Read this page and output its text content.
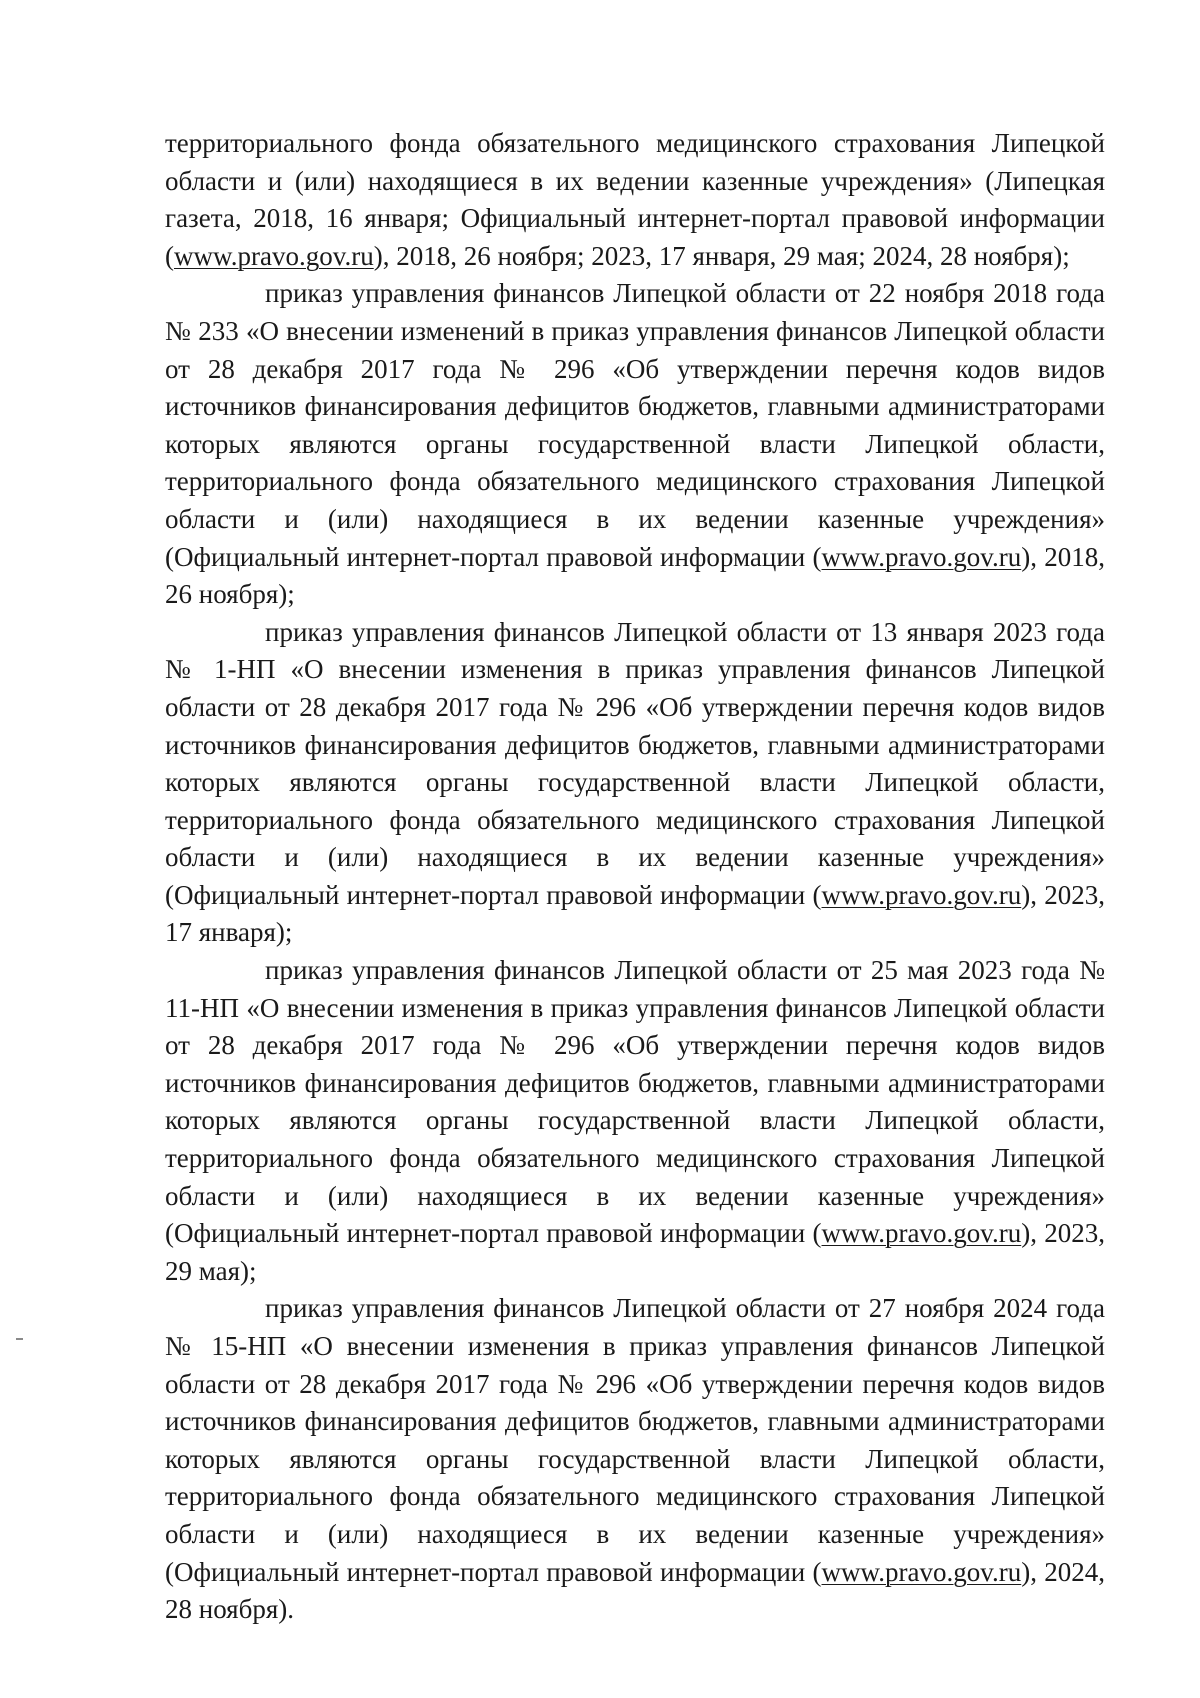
территориального фонда обязательного медицинского страхования Липецкой области и (или) находящиеся в их ведении казенные учреждения» (Липецкая газета, 2018, 16 января; Официальный интернет-портал правовой информации (www.pravo.gov.ru), 2018, 26 ноября; 2023, 17 января, 29 мая; 2024, 28 ноября);

приказ управления финансов Липецкой области от 22 ноября 2018 года № 233 «О внесении изменений в приказ управления финансов Липецкой области от 28 декабря 2017 года № 296 «Об утверждении перечня кодов видов источников финансирования дефицитов бюджетов, главными администраторами которых являются органы государственной власти Липецкой области, территориального фонда обязательного медицинского страхования Липецкой области и (или) находящиеся в их ведении казенные учреждения» (Официальный интернет-портал правовой информации (www.pravo.gov.ru), 2018, 26 ноября);

приказ управления финансов Липецкой области от 13 января 2023 года № 1-НП «О внесении изменения в приказ управления финансов Липецкой области от 28 декабря 2017 года № 296 «Об утверждении перечня кодов видов источников финансирования дефицитов бюджетов, главными администраторами которых являются органы государственной власти Липецкой области, территориального фонда обязательного медицинского страхования Липецкой области и (или) находящиеся в их ведении казенные учреждения» (Официальный интернет-портал правовой информации (www.pravo.gov.ru), 2023, 17 января);

приказ управления финансов Липецкой области от 25 мая 2023 года № 11-НП «О внесении изменения в приказ управления финансов Липецкой области от 28 декабря 2017 года № 296 «Об утверждении перечня кодов видов источников финансирования дефицитов бюджетов, главными администраторами которых являются органы государственной власти Липецкой области, территориального фонда обязательного медицинского страхования Липецкой области и (или) находящиеся в их ведении казенные учреждения» (Официальный интернет-портал правовой информации (www.pravo.gov.ru), 2023, 29 мая);

приказ управления финансов Липецкой области от 27 ноября 2024 года № 15-НП «О внесении изменения в приказ управления финансов Липецкой области от 28 декабря 2017 года № 296 «Об утверждении перечня кодов видов источников финансирования дефицитов бюджетов, главными администраторами которых являются органы государственной власти Липецкой области, территориального фонда обязательного медицинского страхования Липецкой области и (или) находящиеся в их ведении казенные учреждения» (Официальный интернет-портал правовой информации (www.pravo.gov.ru), 2024, 28 ноября).
